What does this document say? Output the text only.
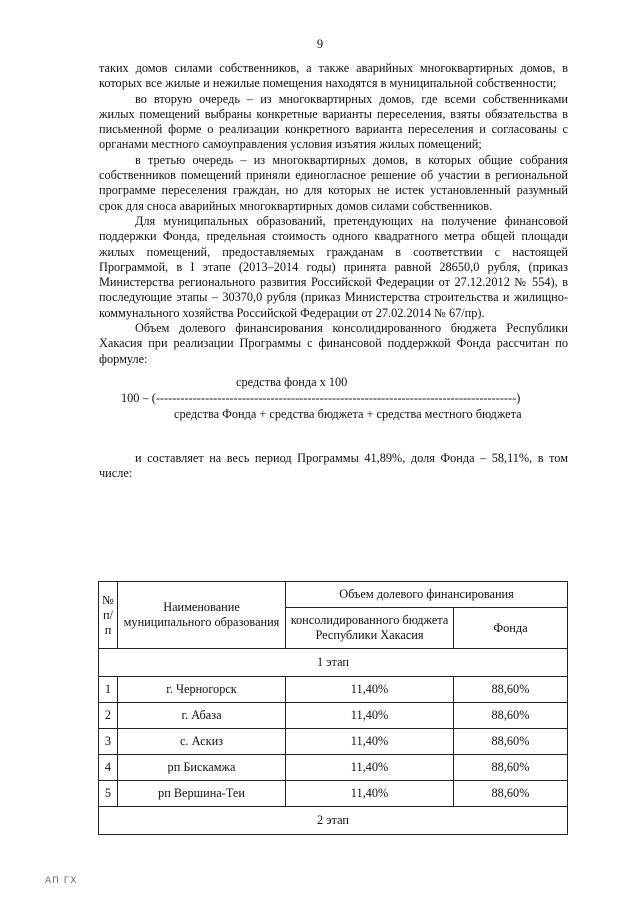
9

таких домов силами собственников, а также аварийных многоквартирных домов, в которых все жилые и нежилые помещения находятся в муниципальной собственности;

во вторую очередь – из многоквартирных домов, где всеми собственниками жилых помещений выбраны конкретные варианты переселения, взяты обязательства в письменной форме о реализации конкретного варианта переселения и согласованы с органами местного самоуправления условия изъятия жилых помещений;

в третью очередь – из многоквартирных домов, в которых общие собрания собственников помещений приняли единогласное решение об участии в региональной программе переселения граждан, но для которых не истек установленный разумный срок для сноса аварийных многоквартирных домов силами собственников.

Для муниципальных образований, претендующих на получение финансовой поддержки Фонда, предельная стоимость одного квадратного метра общей площади жилых помещений, предоставляемых гражданам в соответствии с настоящей Программой, в I этапе (2013–2014 годы) принята равной 28650,0 рубля, (приказ Министерства регионального развития Российской Федерации от 27.12.2012 № 554), в последующие этапы – 30370,0 рубля (приказ Министерства строительства и жилищно-коммунального хозяйства Российской Федерации от 27.02.2014 № 67/пр).

Объем долевого финансирования консолидированного бюджета Республики Хакасия при реализации Программы с финансовой поддержкой Фонда рассчитан по формуле:

средства фонда х 100
100 – (----------------------------------------------------------------------------------------)
средства Фонда + средства бюджета + средства местного бюджета

и составляет на весь период Программы 41,89%, доля Фонда – 58,11%, в том числе:

№ п/п	Наименование муниципального образования	Объем долевого финансирования	
		консолидированного бюджета Республики Хакасия	Фонда
1 этап			
1	г. Черногорск	11,40%	88,60%
2	г. Абаза	11,40%	88,60%
3	с. Аскиз	11,40%	88,60%
4	рп Бискамжа	11,40%	88,60%
5	рп Вершина-Теи	11,40%	88,60%
2 этап			
АП ГХ
